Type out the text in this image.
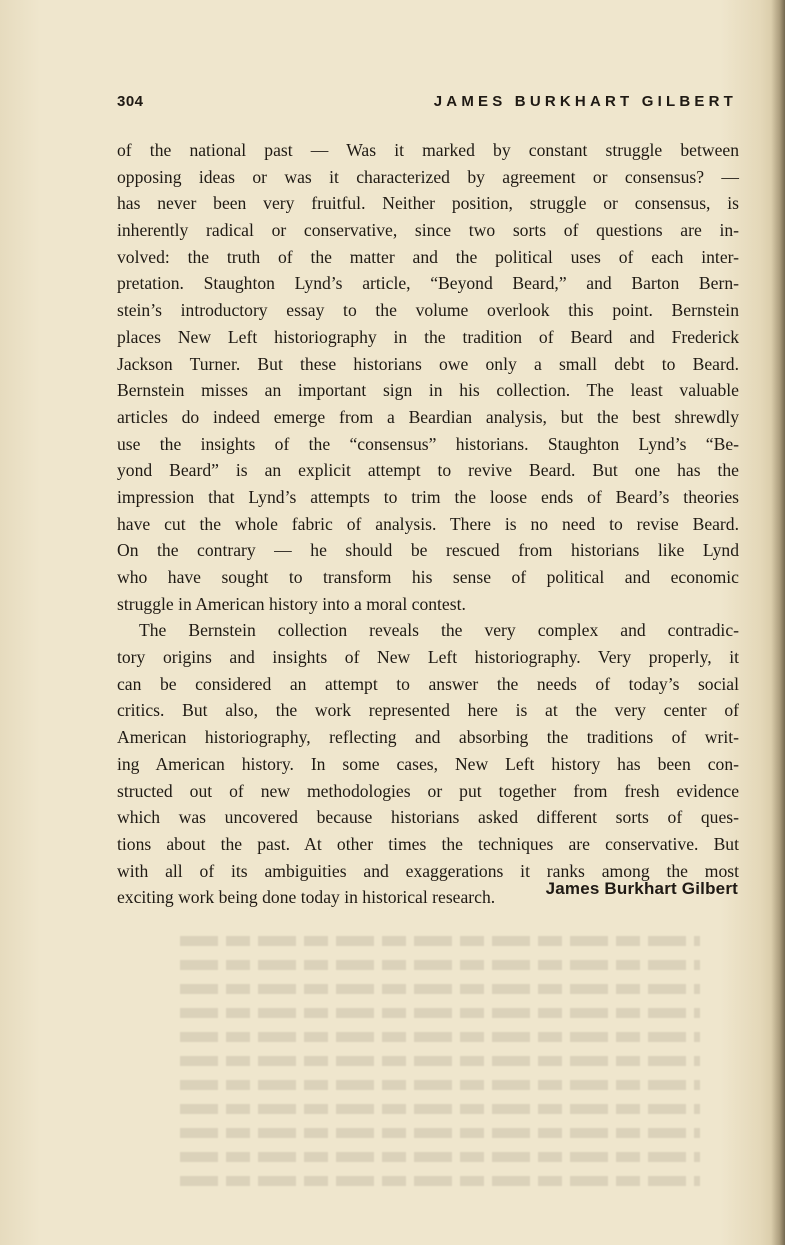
304	JAMES BURKHART GILBERT
of the national past — Was it marked by constant struggle between
opposing ideas or was it characterized by agreement or consensus? —
has never been very fruitful. Neither position, struggle or consensus, is
inherently radical or conservative, since two sorts of questions are in-
volved: the truth of the matter and the political uses of each inter-
pretation. Staughton Lynd’s article, “Beyond Beard,” and Barton Bern-
stein’s introductory essay to the volume overlook this point. Bernstein
places New Left historiography in the tradition of Beard and Frederick
Jackson Turner. But these historians owe only a small debt to Beard.
Bernstein misses an important sign in his collection. The least valuable
articles do indeed emerge from a Beardian analysis, but the best shrewdly
use the insights of the “consensus” historians. Staughton Lynd’s “Be-
yond Beard” is an explicit attempt to revive Beard. But one has the
impression that Lynd’s attempts to trim the loose ends of Beard’s theories
have cut the whole fabric of analysis. There is no need to revise Beard.
On the contrary — he should be rescued from historians like Lynd
who have sought to transform his sense of political and economic
struggle in American history into a moral contest.
The Bernstein collection reveals the very complex and contradic-
tory origins and insights of New Left historiography. Very properly, it
can be considered an attempt to answer the needs of today’s social
critics. But also, the work represented here is at the very center of
American historiography, reflecting and absorbing the traditions of writ-
ing American history. In some cases, New Left history has been con-
structed out of new methodologies or put together from fresh evidence
which was uncovered because historians asked different sorts of ques-
tions about the past. At other times the techniques are conservative. But
with all of its ambiguities and exaggerations it ranks among the most
exciting work being done today in historical research.	James Burkhart Gilbert
